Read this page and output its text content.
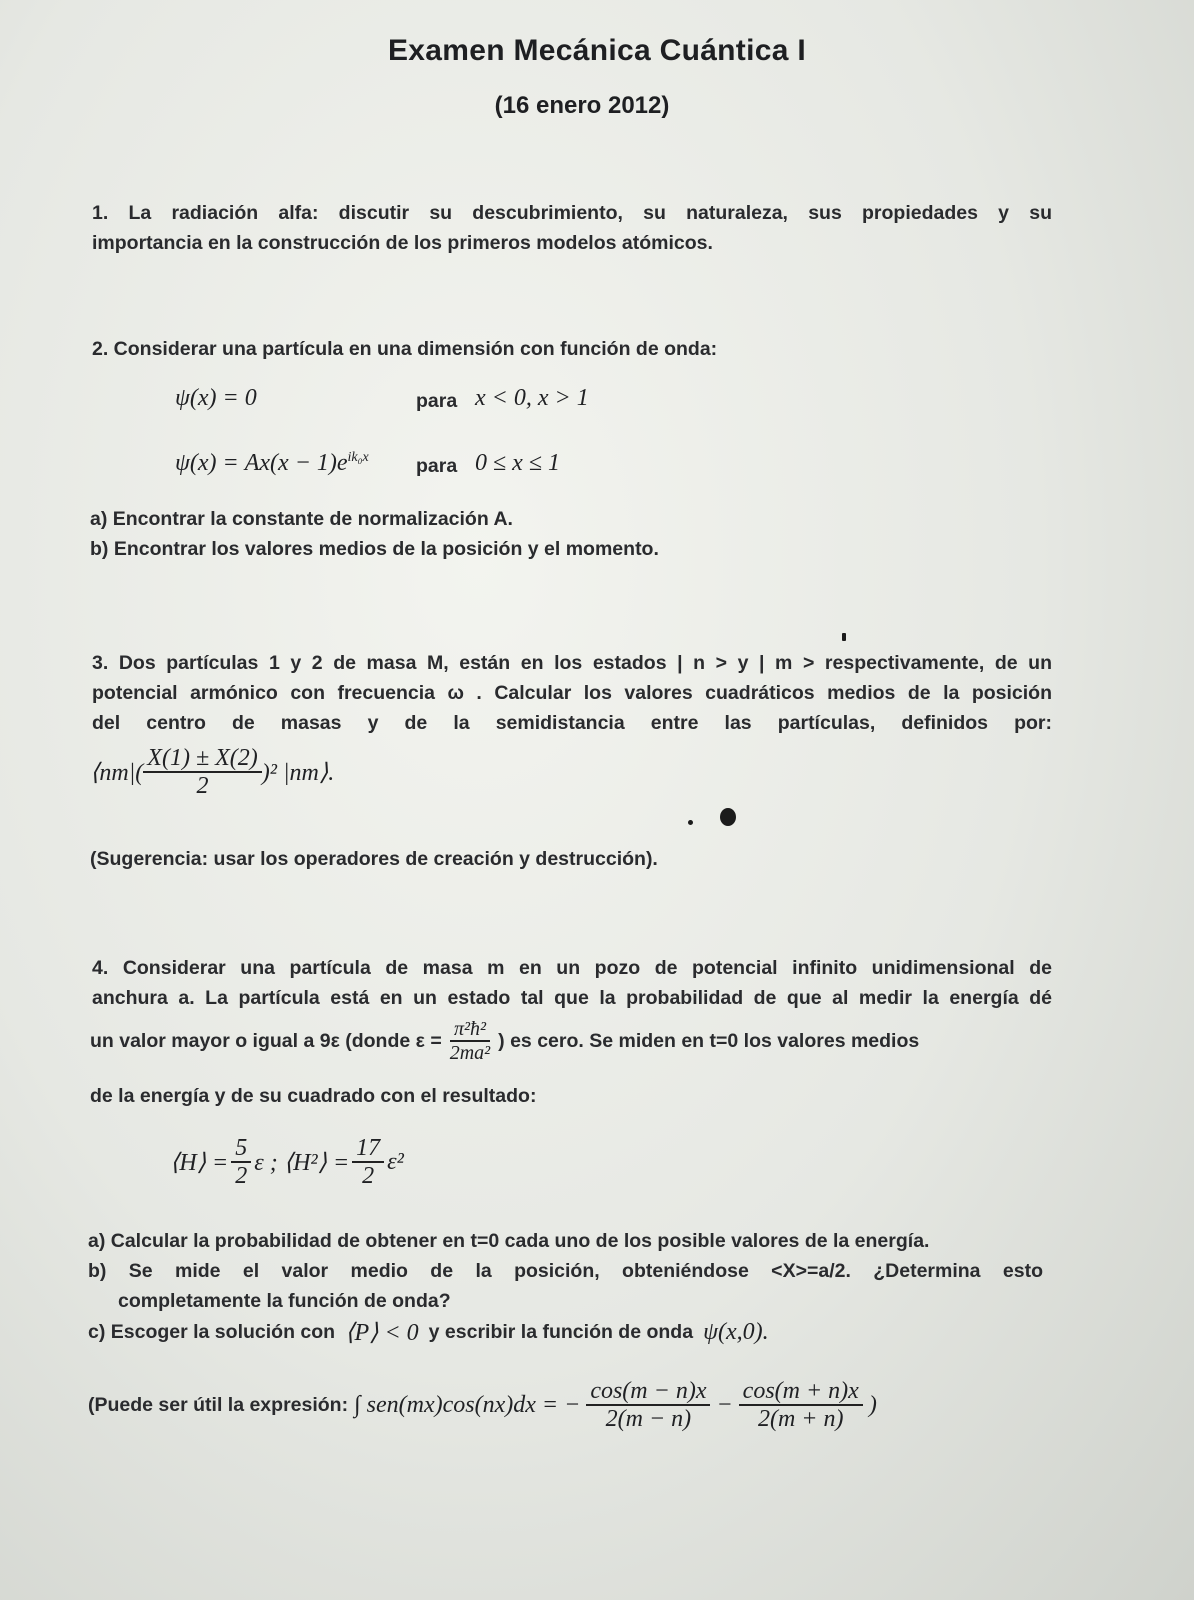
Examen Mecánica Cuántica I
(16 enero 2012)
1. La radiación alfa: discutir su descubrimiento, su naturaleza, sus propiedades y su
importancia en la construcción de los primeros modelos atómicos.
2. Considerar una partícula en una dimensión con función de onda:
ψ(x) = 0	para x < 0, x > 1
$\psi(x) = Ax(x - 1)e^{ik_0x}$ para 0 ≤ x ≤ 1
a) Encontrar la constante de normalización A.
b) Encontrar los valores medios de la posición y el momento.
3. Dos partículas 1 y 2 de masa M, están en los estados | n > y | m > respectivamente, de un
potencial armónico con frecuencia ω . Calcular los valores cuadráticos medios de la posición
del centro de masas y de la semidistancia entre las partículas, definidos por:
⟨nm|( $\frac{X(1) \pm X(2)}{2} )^2$ |nm⟩.
(Sugerencia: usar los operadores de creación y destrucción).
4. Considerar una partícula de masa m en un pozo de potencial infinito unidimensional de
anchura a. La partícula está en un estado tal que la probabilidad de que al medir la energía dé
un valor mayor o igual a 9ε (donde $\varepsilon = \frac{\text{π²ħ²}}{\text{2ma²}}$ ) es cero. Se miden en t=0 los valores medios
de la energía y de su cuadrado con el resultado:
⟨H⟩ = $\frac{5}{2}$ ε ; ⟨H²⟩ = $\frac{17}{2} \varepsilon^2$
a) Calcular la probabilidad de obtener en t=0 cada uno de los posible valores de la energía.
b) Se mide el valor medio de la posición, obteniéndose <X>=a/2. ¿Determina esto
completamente la función de onda?
c) Escoger la solución con ⟨P⟩ < 0 y escribir la función de onda ψ(x,0).
(Puede ser útil la expresión: ∫ sen(mx)cos(nx)dx = − $\frac{\cos(m - n)x}{2(m - n)} - \frac{\cos(m + n)x}{2(m + n)}$ )
